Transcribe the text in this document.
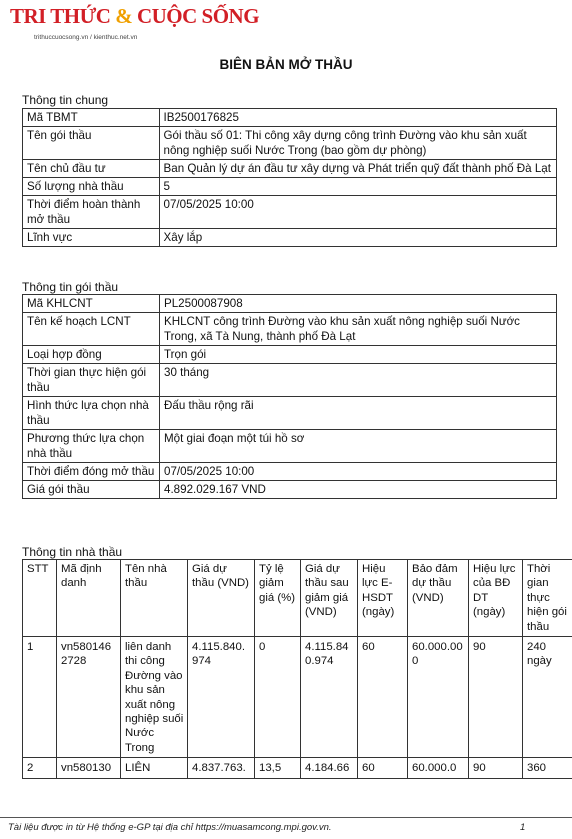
TRI THỨC & CUỘC SỐNG
trithuccuocsong.vn / kienthuc.net.vn
BIÊN BẢN MỞ THẦU
Thông tin chung
Mã TBMT	IB2500176825
Tên gói thầu	Gói thầu số 01: Thi công xây dựng công trình Đường vào khu sản xuất nông nghiệp suối Nước Trong (bao gồm dự phòng)
Tên chủ đầu tư	Ban Quản lý dự án đầu tư xây dựng và Phát triển quỹ đất thành phố Đà Lạt
Số lượng nhà thầu	5
Thời điểm hoàn thành mở thầu	07/05/2025 10:00
Lĩnh vực	Xây lắp
Thông tin gói thầu
Mã KHLCNT	PL2500087908
Tên kế hoạch LCNT	KHLCNT công trình Đường vào khu sản xuất nông nghiệp suối Nước Trong, xã Tà Nung, thành phố Đà Lạt
Loại hợp đồng	Trọn gói
Thời gian thực hiện gói thầu	30 tháng
Hình thức lựa chọn nhà thầu	Đấu thầu rộng rãi
Phương thức lựa chọn nhà thầu	Một giai đoạn một túi hồ sơ
Thời điểm đóng mở thầu	07/05/2025 10:00
Giá gói thầu	4.892.029.167 VND
Thông tin nhà thầu
STT	Mã định danh	Tên nhà thầu	Giá dự thầu (VND)	Tỷ lệ giảm giá (%)	Giá dự thầu sau giảm giá (VND)	Hiệu lực E-HSDT (ngày)	Bảo đảm dự thầu (VND)	Hiệu lực của BĐ DT (ngày)	Thời gian thực hiện gói thầu
1	vn5801462728	liên danh thi công Đường vào khu sản xuất nông nghiệp suối Nước Trong	4.115.840.974	0	4.115.840.974	60	60.000.000	90	240 ngày
2	vn580130	LIÊN	4.837.763.	13,5	4.184.66	60	60.000.0	90	360
Tài liệu được in từ Hệ thống e-GP tại địa chỉ https://muasamcong.mpi.gov.vn.	1
